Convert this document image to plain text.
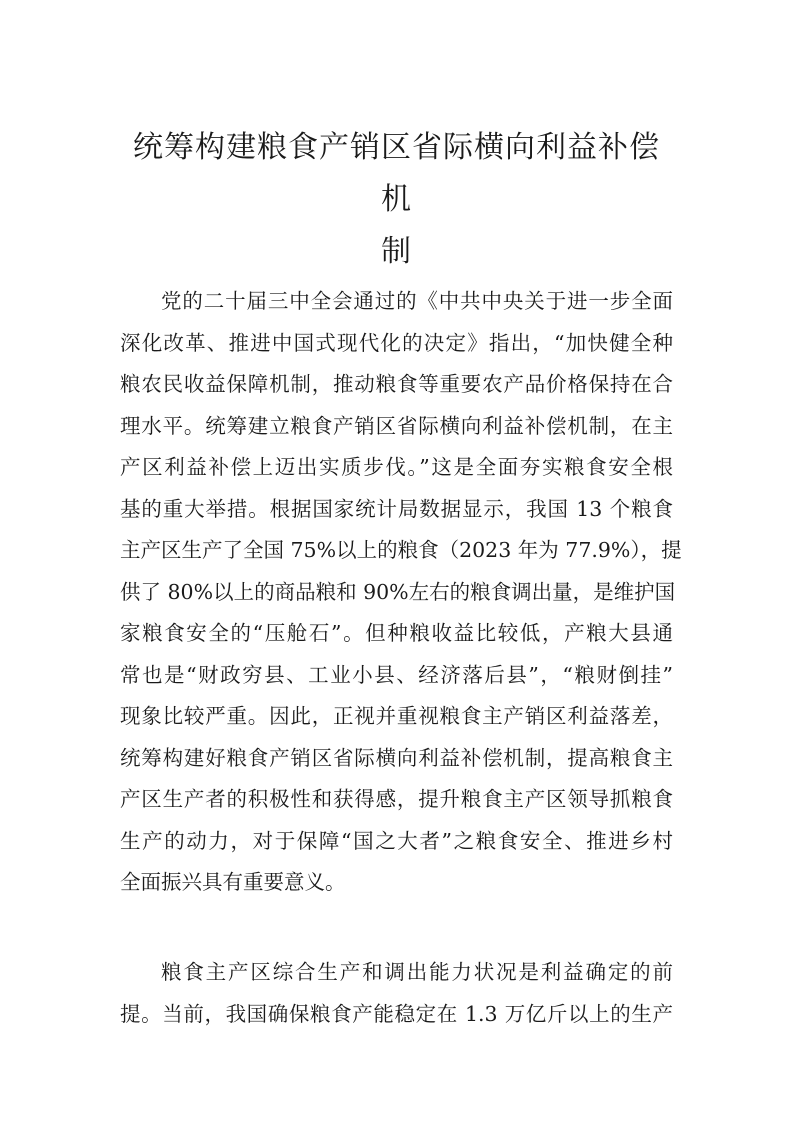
统筹构建粮食产销区省际横向利益补偿机
制
党的二十届三中全会通过的《中共中央关于进一步全面
深化改革、推进中国式现代化的决定》指出，“加快健全种
粮农民收益保障机制，推动粮食等重要农产品价格保持在合
理水平。统筹建立粮食产销区省际横向利益补偿机制，在主
产区利益补偿上迈出实质步伐。”这是全面夯实粮食安全根
基的重大举措。根据国家统计局数据显示，我国 13 个粮食
主产区生产了全国 75%以上的粮食（2023 年为 77.9%），提
供了 80%以上的商品粮和 90%左右的粮食调出量，是维护国
家粮食安全的“压舱石”。但种粮收益比较低，产粮大县通
常也是“财政穷县、工业小县、经济落后县”，“粮财倒挂”
现象比较严重。因此，正视并重视粮食主产销区利益落差，
统筹构建好粮食产销区省际横向利益补偿机制，提高粮食主
产区生产者的积极性和获得感，提升粮食主产区领导抓粮食
生产的动力，对于保障“国之大者”之粮食安全、推进乡村
全面振兴具有重要意义。
粮食主产区综合生产和调出能力状况是利益确定的前
提。当前，我国确保粮食产能稳定在 1.3 万亿斤以上的生产
